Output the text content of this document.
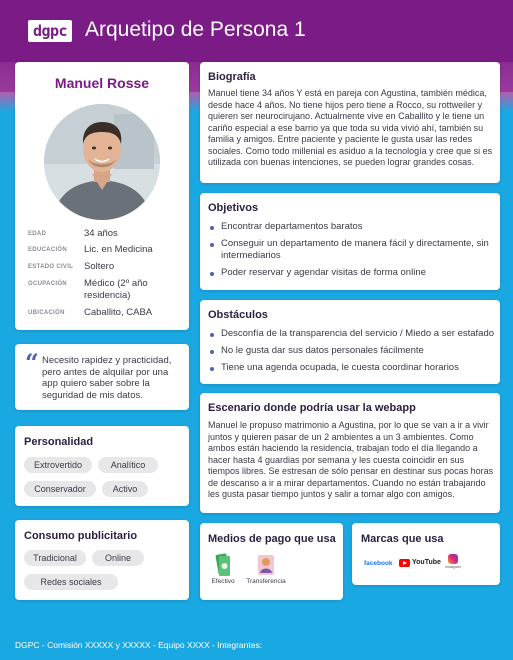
dgpc Arquetipo de Persona 1
Manuel Rosse
EDAD	34 años
EDUCACIÓN Lic. en Medicina
ESTADO CIVIL Soltero
OCUPACIÓN Médico (2º año residencia)
UBICACIÓN Caballito, CABA
“ Necesito rapidez y practicidad, pero antes de alquilar por una app quiero saber sobre la seguridad de mis datos.
Personalidad
Extrovertido	Analítico
Conservador	Activo
Consumo publicitario
Tradicional	Online
Redes sociales
Biografía
Manuel tiene 34 años Y está en pareja con Agustina, también médica, desde hace 4 años. No tiene hijos pero tiene a Rocco, su rottweiler y quieren ser neurocirujano. Actualmente vive en Caballito y le tiene un cariño especial a ese barrio ya que toda su vida vivió ahí, también su familia y amigos. Entre paciente y paciente le gusta usar las redes sociales. Como todo millenial es asiduo a la tecnología y cree que si es utilizada con buenas intenciones, se pueden lograr grandes cosas.
Objetivos
Encontrar departamentos baratos
Conseguir un departamento de manera fácil y directamente, sin intermediarios
Poder reservar y agendar visitas de forma online
Obstáculos
Desconfía de la transparencia del servicio / Miedo a ser estafado
No le gusta dar sus datos personales fácilmente
Tiene una agenda ocupada, le cuesta coordinar horarios
Escenario donde podría usar la webapp
Manuel le propuso matrimonio a Agustina, por lo que se van a ir a vivir juntos y quieren pasar de un 2 ambientes a un 3 ambientes. Como ambos están haciendo la residencia, trabajan todo el día llegando a hacer hasta 4 guardias por semana y les cuesta coincidir en sus tiempos libres. Se estresan de sólo pensar en destinar sus pocas horas de descanso a ir a mirar departamentos. Cuando no están trabajando les gusta pasar tiempo juntos y salir a tomar algo con amigos.
Medios de pago que usa
Efectivo	Transferencia
Marcas que usa
facebook	YouTube
Instagram
DGPC - Comisión XXXXX y XXXXX - Equipo XXXX - Integrantes:
